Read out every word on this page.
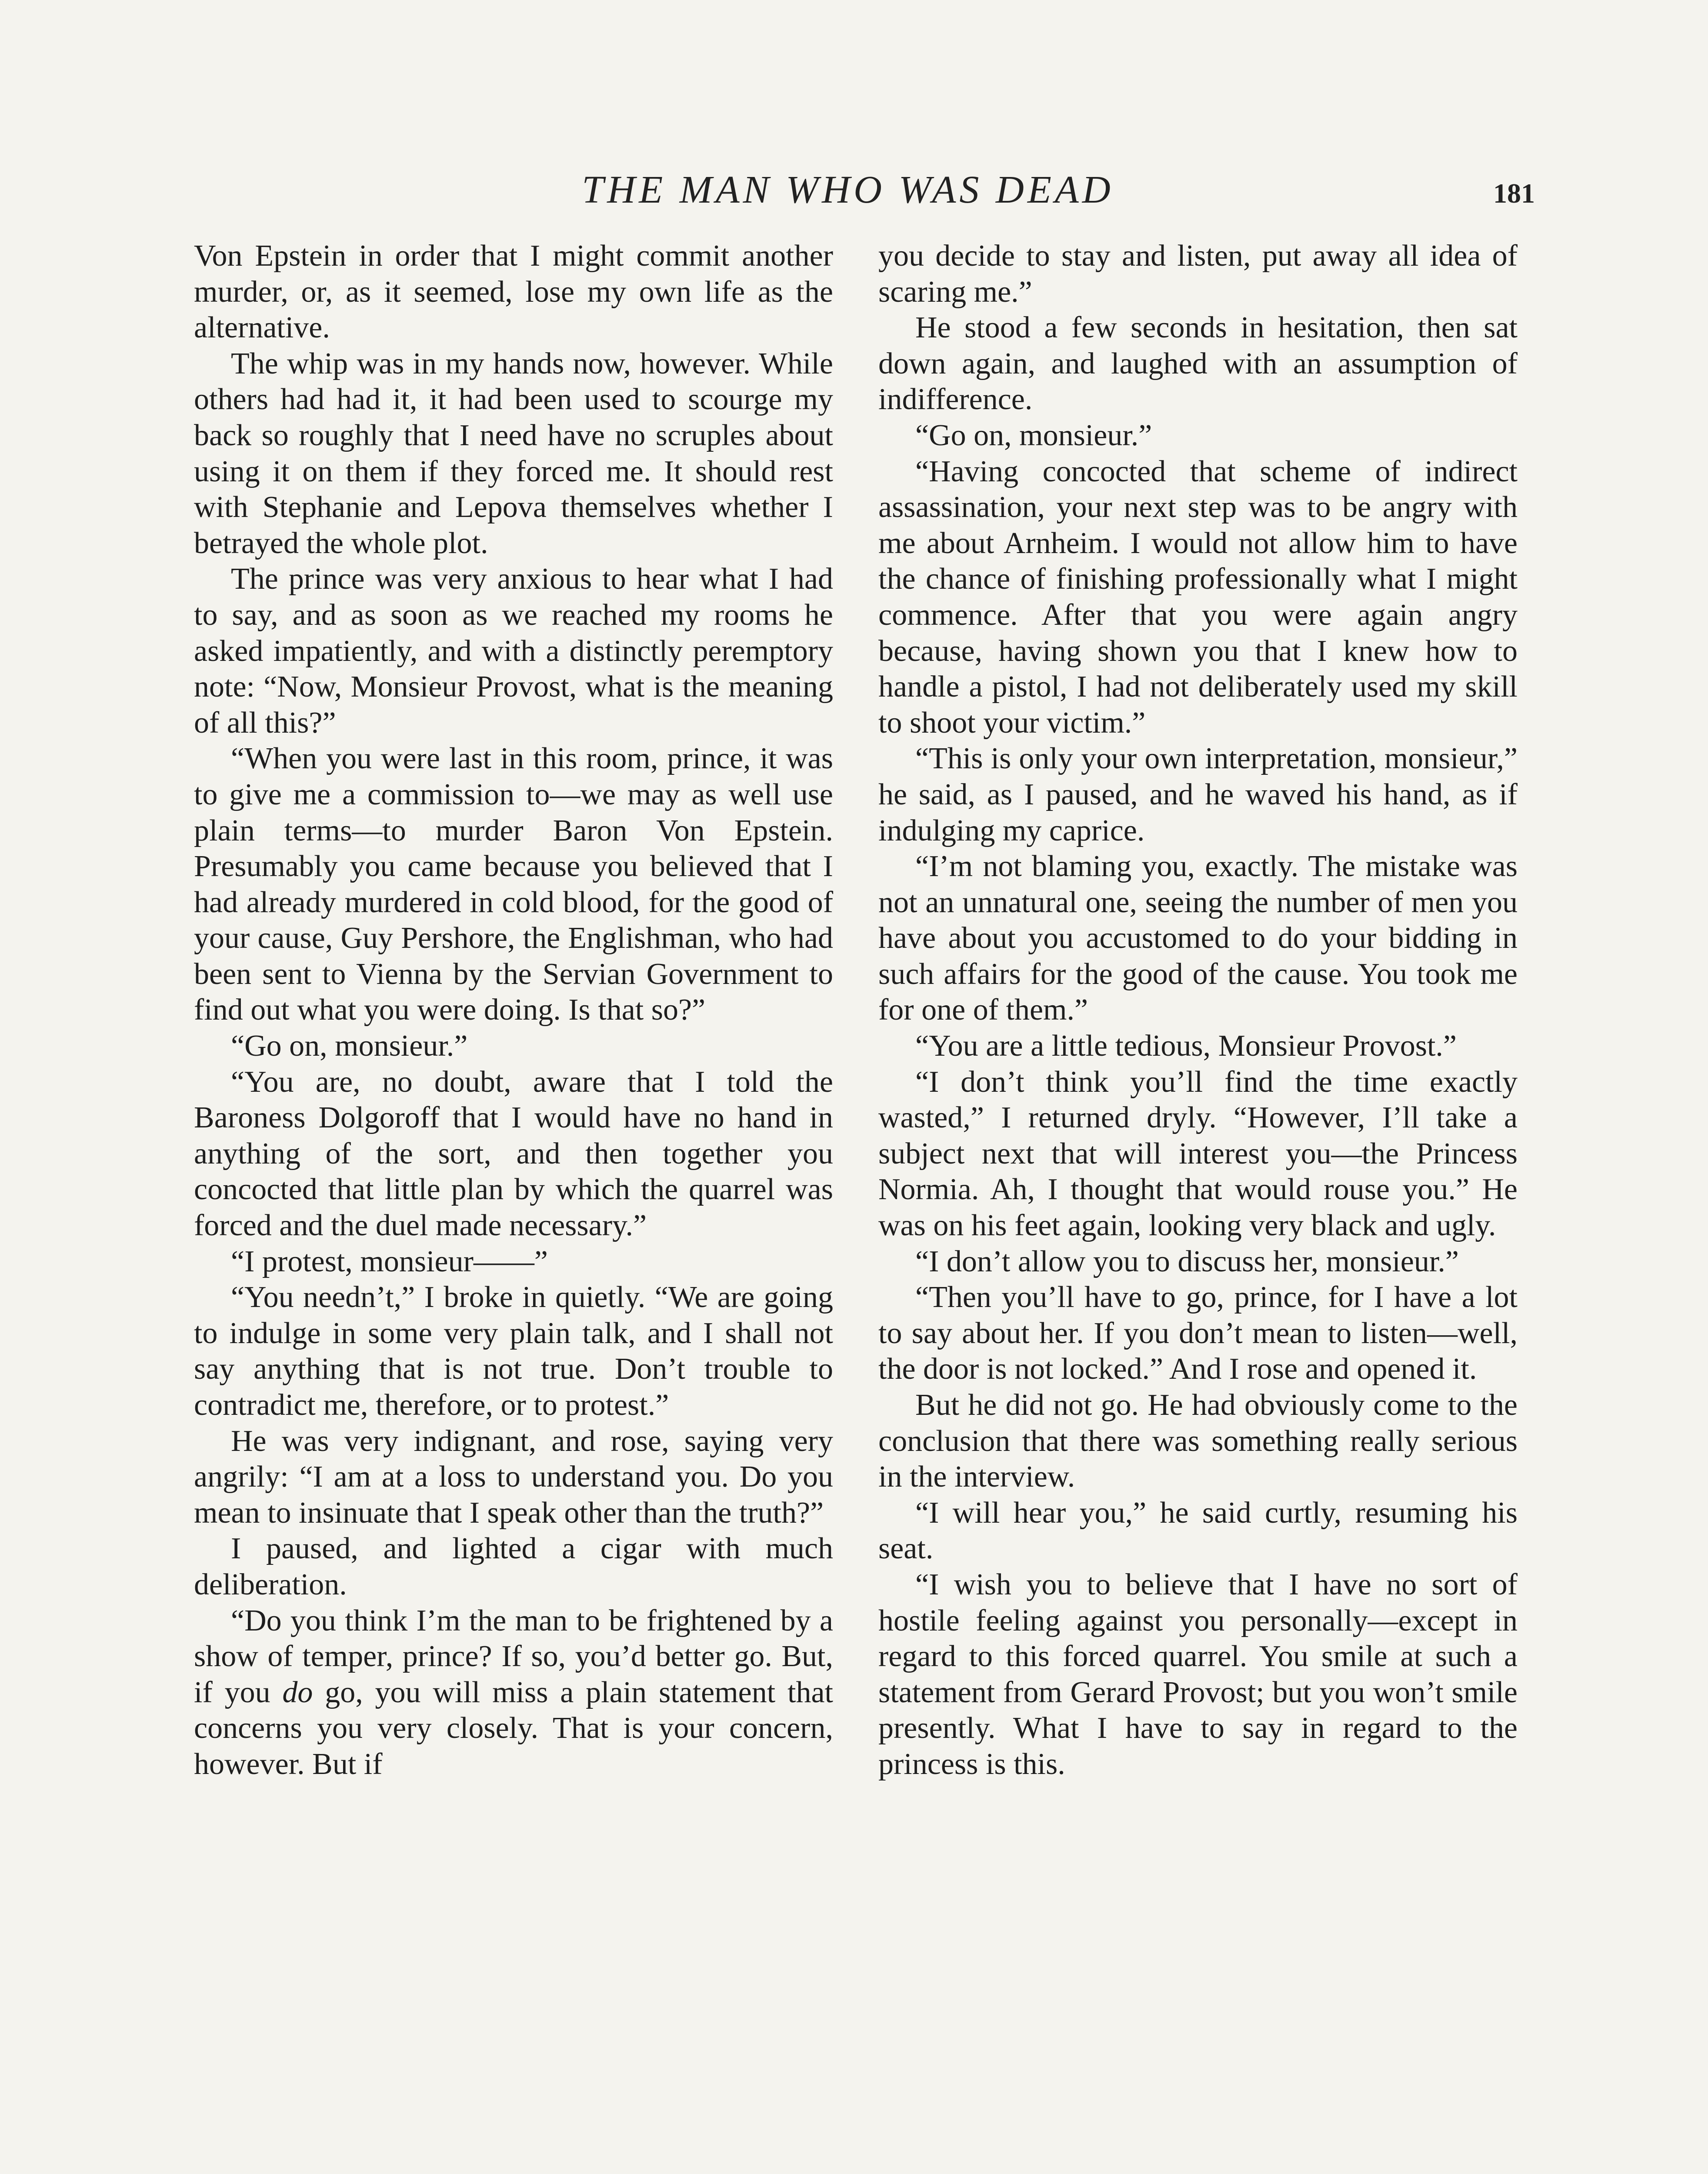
THE MAN WHO WAS DEAD	181

Von Epstein in order that I might commit another murder, or, as it seemed, lose my own life as the alternative.

The whip was in my hands now, however. While others had had it, it had been used to scourge my back so roughly that I need have no scruples about using it on them if they forced me. It should rest with Stephanie and Lepova themselves whether I betrayed the whole plot.

The prince was very anxious to hear what I had to say, and as soon as we reached my rooms he asked impatiently, and with a distinctly peremptory note: “Now, Monsieur Provost, what is the meaning of all this?”

“When you were last in this room, prince, it was to give me a commission to—we may as well use plain terms—to murder Baron Von Epstein. Presumably you came because you believed that I had already murdered in cold blood, for the good of your cause, Guy Pershore, the Englishman, who had been sent to Vienna by the Servian Government to find out what you were doing. Is that so?”

“Go on, monsieur.”

“You are, no doubt, aware that I told the Baroness Dolgoroff that I would have no hand in anything of the sort, and then together you concocted that little plan by which the quarrel was forced and the duel made necessary.”

“I protest, monsieur——”

“You needn’t,” I broke in quietly. “We are going to indulge in some very plain talk, and I shall not say anything that is not true. Don’t trouble to contradict me, therefore, or to protest.”

He was very indignant, and rose, saying very angrily: “I am at a loss to understand you. Do you mean to insinuate that I speak other than the truth?”

I paused, and lighted a cigar with much deliberation.

“Do you think I’m the man to be frightened by a show of temper, prince? If so, you’d better go. But, if you do go, you will miss a plain statement that concerns you very closely. That is your concern, however. But if

you decide to stay and listen, put away all idea of scaring me.”

He stood a few seconds in hesitation, then sat down again, and laughed with an assumption of indifference.

“Go on, monsieur.”

“Having concocted that scheme of indirect assassination, your next step was to be angry with me about Arnheim. I would not allow him to have the chance of finishing professionally what I might commence. After that you were again angry because, having shown you that I knew how to handle a pistol, I had not deliberately used my skill to shoot your victim.”

“This is only your own interpretation, monsieur,” he said, as I paused, and he waved his hand, as if indulging my caprice.

“I’m not blaming you, exactly. The mistake was not an unnatural one, seeing the number of men you have about you accustomed to do your bidding in such affairs for the good of the cause. You took me for one of them.”

“You are a little tedious, Monsieur Provost.”

“I don’t think you’ll find the time exactly wasted,” I returned dryly. “However, I’ll take a subject next that will interest you—the Princess Normia. Ah, I thought that would rouse you.” He was on his feet again, looking very black and ugly.

“I don’t allow you to discuss her, monsieur.”

“Then you’ll have to go, prince, for I have a lot to say about her. If you don’t mean to listen—well, the door is not locked.” And I rose and opened it.

But he did not go. He had obviously come to the conclusion that there was something really serious in the interview.

“I will hear you,” he said curtly, resuming his seat.

“I wish you to believe that I have no sort of hostile feeling against you personally—except in regard to this forced quarrel. You smile at such a statement from Gerard Provost; but you won’t smile presently. What I have to say in regard to the princess is this.
